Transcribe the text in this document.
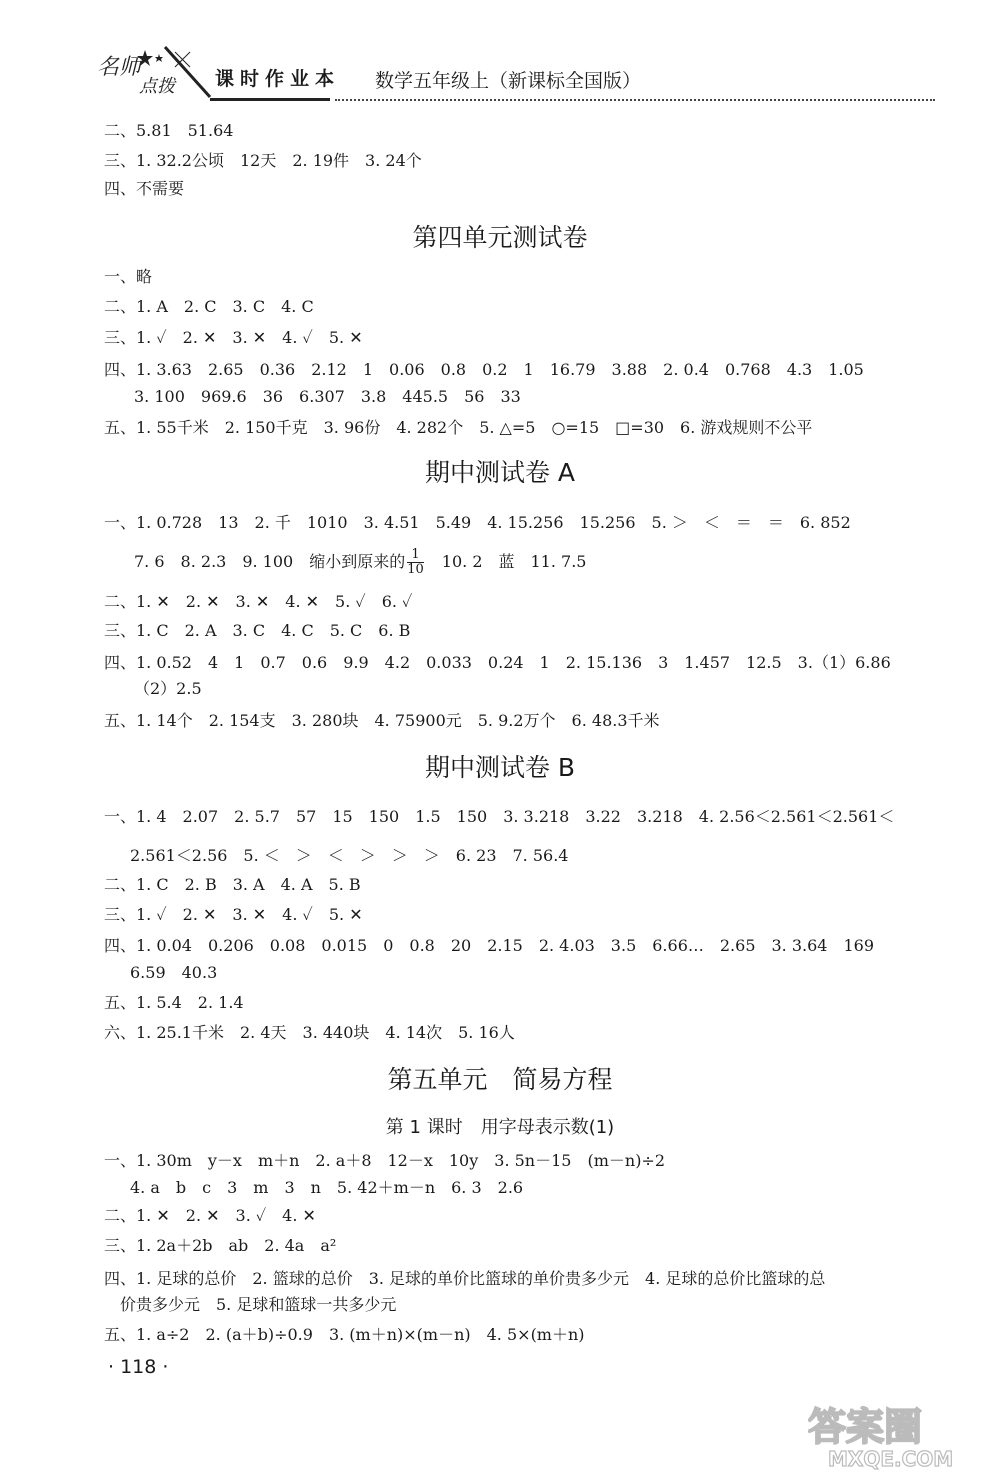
名师
点拨 课时作业本 数学五年级上（新课标全国版）
二、5.81　51.64
三、1. 32.2公顷　12天　2. 19件　3. 24个
四、不需要
第四单元测试卷
一、略
二、1. A　2. C　3. C　4. C
三、1. ✓　2. ✕　3. ✕　4. ✓　5. ✕
四、1. 3.63　2.65　0.36　2.12　1　0.06　0.8　0.2　1　16.79　3.88　2. 0.4　0.768　4.3　1.05
3. 100　969.6　36　6.307　3.8　445.5　56　33
五、1. 55千米　2. 150千克　3. 96份　4. 282个　5. △=5　○=15　□=30　6. 游戏规则不公平
期中测试卷 A
一、1. 0.728　13　2. 千　1010　3. 4.51　5.49　4. 15.256̇　15.256　5. ＞　＜　＝　＝　6. 852
7. 6　8. 2.3　9. 100　缩小到原来的 $\frac{1}{10}$ 　10. 2　蓝　11. 7.5
二、1. ✕　2. ✕　3. ✕　4. ✕　5. ✓　6. ✓
三、1. C　2. A　3. C　4. C　5. C　6. B
四、1. 0.52　4　1　0.7　0.6　9.9　4.2　0.033　0.24　1　2. 15.136　3　1.457　12.5　3.（1）6.86
（2）2.5
五、1. 14个　2. 154支　3. 280块　4. 75900元　5. 9.2万个　6. 48.3千米
期中测试卷 B
一、1. 4　2.07　2. 5.7　57　15　150　1.5　150　3. 3.218　3.22　3.218　4. 2.56＜2.561＜2.561＜
2.561＜2.56　5. ＜　＞　＜　＞　＞　＞　6. 23　7. 56.4
二、1. C　2. B　3. A　4. A　5. B
三、1. ✓　2. ✕　3. ✕　4. ✓　5. ✕
四、1. 0.04　0.206　0.08　0.015　0　0.8　20　2.15　2. 4.03　3.5　6.66…　2.65　3. 3.64　169
6.59　40.3
五、1. 5.4　2. 1.4
六、1. 25.1千米　2. 4天　3. 440块　4. 14次　5. 16人
第五单元　简易方程
第 1 课时　用字母表示数(1)
一、1. 30m　y－x　m＋n　2. a＋8　12－x　10y　3. 5n－15　(m－n)÷2
4. a　b　c　3　m　3　n　5. 42＋m－n　6. 3　2.6
二、1. ✕　2. ✕　3. ✓　4. ✕
三、1. 2a＋2b　ab　2. 4a　a²
四、1. 足球的总价　2. 篮球的总价　3. 足球的单价比篮球的单价贵多少元　4. 足球的总价比篮球的总
价贵多少元　5. 足球和篮球一共多少元
五、1. a÷2　2. (a＋b)÷0.9　3. (m＋n)×(m－n)　4. 5×(m＋n)
· 118 ·
答案圈
MXQE.COM
